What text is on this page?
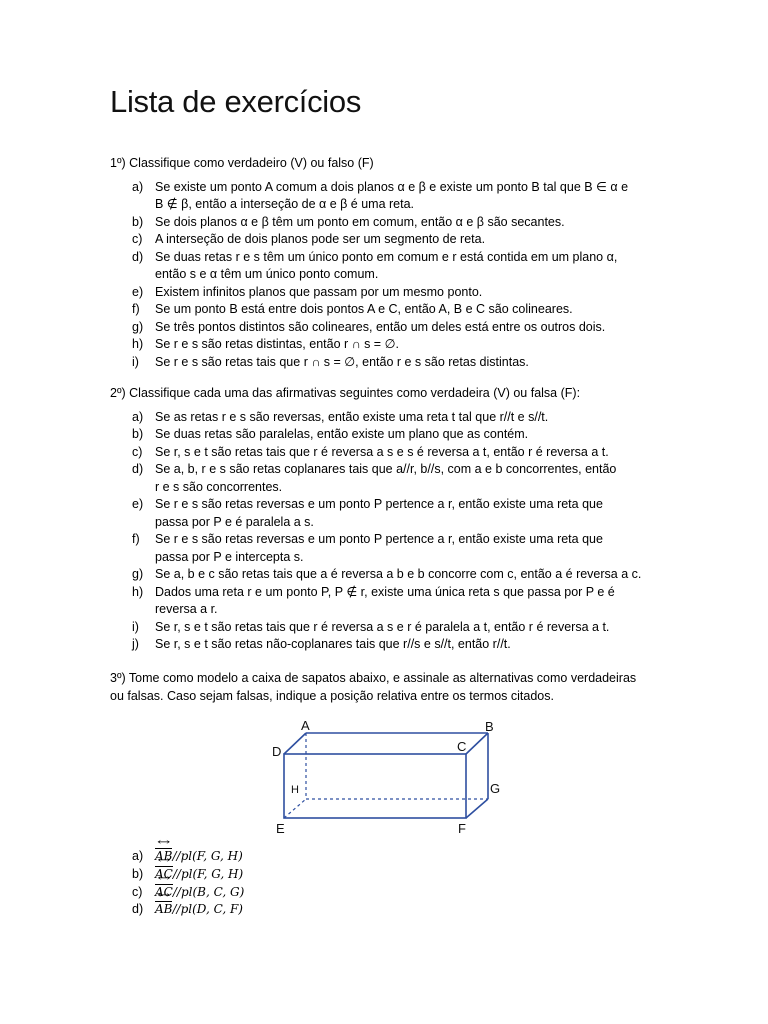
Lista de exercícios

1º) Classifique como verdadeiro (V) ou falso (F)

a) Se existe um ponto A comum a dois planos α e β e existe um ponto B tal que B ∈ α e
B ∉ β, então a interseção de α e β é uma reta.
b) Se dois planos α e β têm um ponto em comum, então α e β são secantes.
c) A interseção de dois planos pode ser um segmento de reta.
d) Se duas retas r e s têm um único ponto em comum e r está contida em um plano α,
então s e α têm um único ponto comum.
e) Existem infinitos planos que passam por um mesmo ponto.
f) Se um ponto B está entre dois pontos A e C, então A, B e C são colineares.
g) Se três pontos distintos são colineares, então um deles está entre os outros dois.
h) Se r e s são retas distintas, então r ∩ s = ∅.
i) Se r e s são retas tais que r ∩ s = ∅, então r e s são retas distintas.

2º) Classifique cada uma das afirmativas seguintes como verdadeira (V) ou falsa (F):

a) Se as retas r e s são reversas, então existe uma reta t tal que r//t e s//t.
b) Se duas retas são paralelas, então existe um plano que as contém.
c) Se r, s e t são retas tais que r é reversa a s e s é reversa a t, então r é reversa a t.
d) Se a, b, r e s são retas coplanares tais que a//r, b//s, com a e b concorrentes, então
r e s são concorrentes.
e) Se r e s são retas reversas e um ponto P pertence a r, então existe uma reta que
passa por P e é paralela a s.
f) Se r e s são retas reversas e um ponto P pertence a r, então existe uma reta que
passa por P e intercepta s.
g) Se a, b e c são retas tais que a é reversa a b e b concorre com c, então a é reversa a c.
h) Dados uma reta r e um ponto P, P ∉ r, existe uma única reta s que passa por P e é
reversa a r.
i) Se r, s e t são retas tais que r é reversa a s e r é paralela a t, então r é reversa a t.
j) Se r, s e t são retas não-coplanares tais que r//s e s//t, então r//t.
3º) Tome como modelo a caixa de sapatos abaixo, e assinale as alternativas como verdadeiras
ou falsas. Caso sejam falsas, indique a posição relativa entre os termos citados.
A	B
C
D
E	F
G
H
a) AB ↔//pl(F, G, H)
b) AC ↔//pl(F, G, H)
c) AC ↔//pl(B, C, G)
d) AB ↔//pl(D, C, F)
